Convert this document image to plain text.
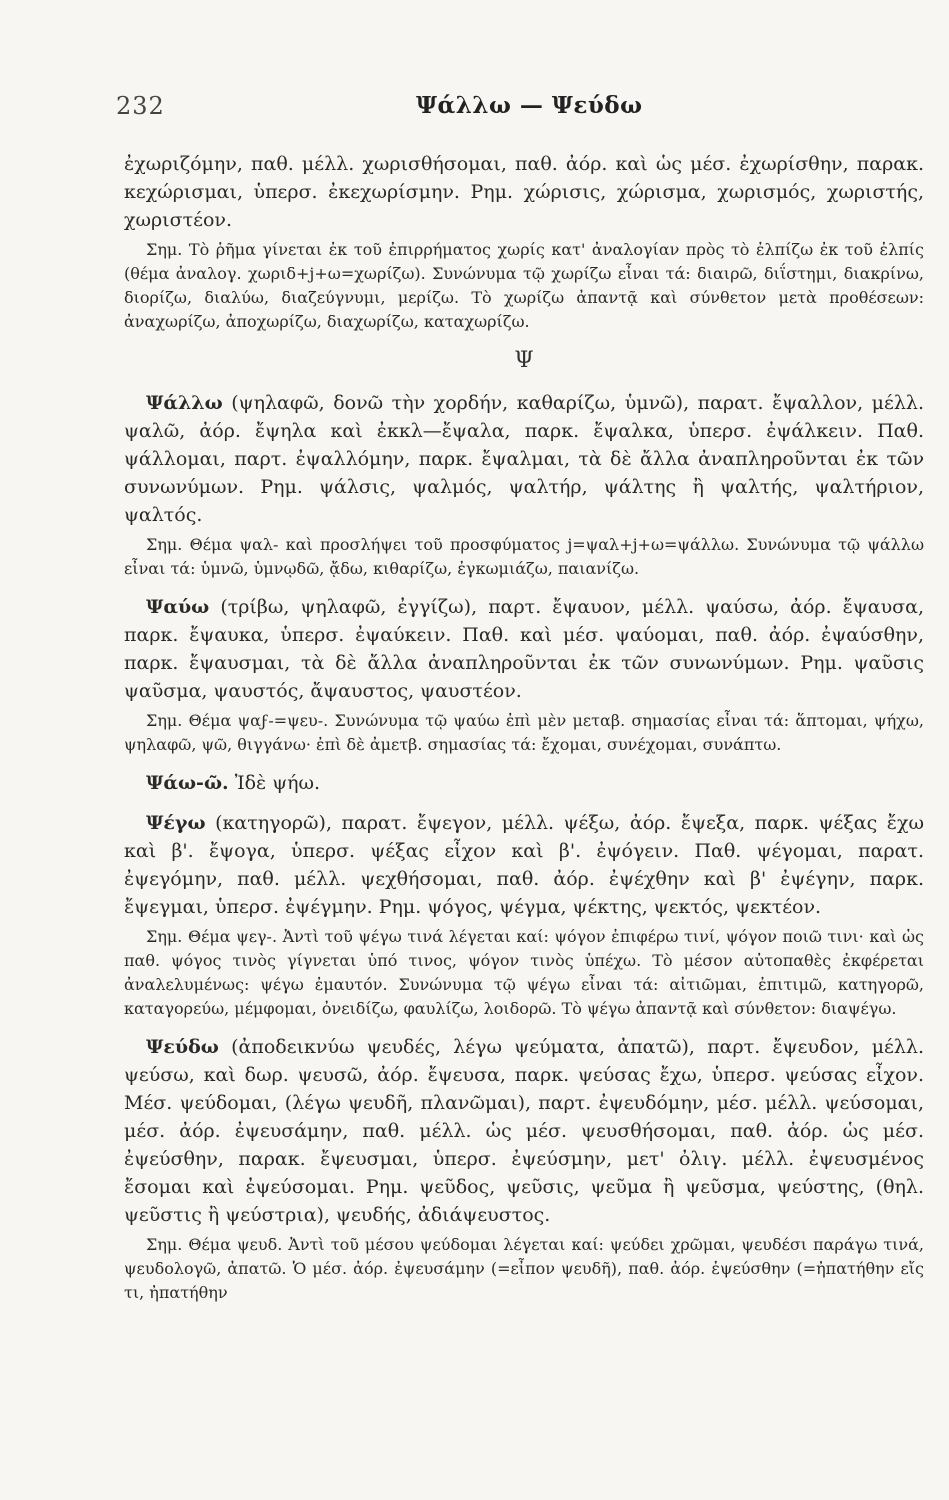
232	Ψάλλω — Ψεύδω

ἐχωριζόμην, παθ. μέλλ. χωρισθήσομαι, παθ. ἀόρ. καὶ ὡς μέσ. ἐχωρίσθην, παρακ. κεχώρισμαι, ὑπερσ. ἐκεχωρίσμην. Ρημ. χώρισις, χώρισμα, χωρισμός, χωριστής, χωριστέον.

Σημ. Τὸ ῥῆμα γίνεται ἐκ τοῦ ἐπιρρήματος χωρίς κατ' ἀναλογίαν πρὸς τὸ ἐλπίζω ἐκ τοῦ ἐλπίς (θέμα ἀναλογ. χωριδ+j+ω=χωρίζω). Συνώνυμα τῷ χωρίζω εἶναι τά: διαιρῶ, διΐστημι, διακρίνω, διορίζω, διαλύω, διαζεύγνυμι, μερίζω. Τὸ χωρίζω ἀπαντᾷ καὶ σύνθετον μετὰ προθέσεων: ἀναχωρίζω, ἀποχωρίζω, διαχωρίζω, καταχωρίζω.

Ψ

Ψάλλω (ψηλαφῶ, δονῶ τὴν χορδήν, καθαρίζω, ὑμνῶ), παρατ. ἔψαλλον, μέλλ. ψαλῶ, ἀόρ. ἔψηλα καὶ ἐκκλ—ἔψαλα, παρκ. ἔψαλκα, ὑπερσ. ἐψάλκειν. Παθ. ψάλλομαι, παρτ. ἐψαλλόμην, παρκ. ἔψαλμαι, τὰ δὲ ἄλλα ἀναπληροῦνται ἐκ τῶν συνωνύμων. Ρημ. ψάλσις, ψαλμός, ψαλτήρ, ψάλτης ἢ ψαλτής, ψαλτήριον, ψαλτός.

Σημ. Θέμα ψαλ- καὶ προσλήψει τοῦ προσφύματος j=ψαλ+j+ω=ψάλλω. Συνώνυμα τῷ ψάλλω εἶναι τά: ὑμνῶ, ὑμνῳδῶ, ᾄδω, κιθαρίζω, ἐγκωμιάζω, παιανίζω.

Ψαύω (τρίβω, ψηλαφῶ, ἐγγίζω), παρτ. ἔψαυον, μέλλ. ψαύσω, ἀόρ. ἔψαυσα, παρκ. ἔψαυκα, ὑπερσ. ἐψαύκειν. Παθ. καὶ μέσ. ψαύομαι, παθ. ἀόρ. ἐψαύσθην, παρκ. ἔψαυσμαι, τὰ δὲ ἄλλα ἀναπληροῦνται ἐκ τῶν συνωνύμων. Ρημ. ψαῦσις ψαῦσμα, ψαυστός, ἄψαυστος, ψαυστέον.

Σημ. Θέμα ψαϝ-=ψευ-. Συνώνυμα τῷ ψαύω ἐπὶ μὲν μεταβ. σημασίας εἶναι τά: ἅπτομαι, ψήχω, ψηλαφῶ, ψῶ, θιγγάνω· ἐπὶ δὲ ἀμετβ. σημασίας τά: ἔχομαι, συνέχομαι, συνάπτω.

Ψάω-ῶ. Ἰδὲ ψήω.

Ψέγω (κατηγορῶ), παρατ. ἔψεγον, μέλλ. ψέξω, ἀόρ. ἔψεξα, παρκ. ψέξας ἔχω καὶ β'. ἔψογα, ὑπερσ. ψέξας εἶχον καὶ β'. ἐψόγειν. Παθ. ψέγομαι, παρατ. ἐψεγόμην, παθ. μέλλ. ψεχθήσομαι, παθ. ἀόρ. ἐψέχθην καὶ β' ἐψέγην, παρκ. ἔψεγμαι, ὑπερσ. ἐψέγμην. Ρημ. ψόγος, ψέγμα, ψέκτης, ψεκτός, ψεκτέον.

Σημ. Θέμα ψεγ-. Ἀντὶ τοῦ ψέγω τινά λέγεται καί: ψόγον ἐπιφέρω τινί, ψόγον ποιῶ τινι· καὶ ὡς παθ. ψόγος τινὸς γίγνεται ὑπό τινος, ψόγον τινὸς ὑπέχω. Τὸ μέσον αὐτοπαθὲς ἐκφέρεται ἀναλελυμένως: ψέγω ἐμαυτόν. Συνώνυμα τῷ ψέγω εἶναι τά: αἰτιῶμαι, ἐπιτιμῶ, κατηγορῶ, καταγορεύω, μέμφομαι, ὀνειδίζω, φαυλίζω, λοιδορῶ. Τὸ ψέγω ἀπαντᾷ καὶ σύνθετον: διαψέγω.

Ψεύδω (ἀποδεικνύω ψευδές, λέγω ψεύματα, ἀπατῶ), παρτ. ἔψευδον, μέλλ. ψεύσω, καὶ δωρ. ψευσῶ, ἀόρ. ἔψευσα, παρκ. ψεύσας ἔχω, ὑπερσ. ψεύσας εἶχον. Μέσ. ψεύδομαι, (λέγω ψευδῆ, πλανῶμαι), παρτ. ἐψευδόμην, μέσ. μέλλ. ψεύσομαι, μέσ. ἀόρ. ἐψευσάμην, παθ. μέλλ. ὡς μέσ. ψευσθήσομαι, παθ. ἀόρ. ὡς μέσ. ἐψεύσθην, παρακ. ἔψευσμαι, ὑπερσ. ἐψεύσμην, μετ' ὀλιγ. μέλλ. ἐψευσμένος ἔσομαι καὶ ἐψεύσομαι. Ρημ. ψεῦδος, ψεῦσις, ψεῦμα ἢ ψεῦσμα, ψεύστης, (θηλ. ψεῦστις ἢ ψεύστρια), ψευδής, ἀδιάψευστος.

Σημ. Θέμα ψευδ. Ἀντὶ τοῦ μέσου ψεύδομαι λέγεται καί: ψεύδει χρῶμαι, ψευδέσι παράγω τινά, ψευδολογῶ, ἀπατῶ. Ὁ μέσ. ἀόρ. ἐψευσάμην (=εἶπον ψευδῆ), παθ. ἀόρ. ἐψεύσθην (=ἠπατήθην εἴς τι, ἠπατήθην
